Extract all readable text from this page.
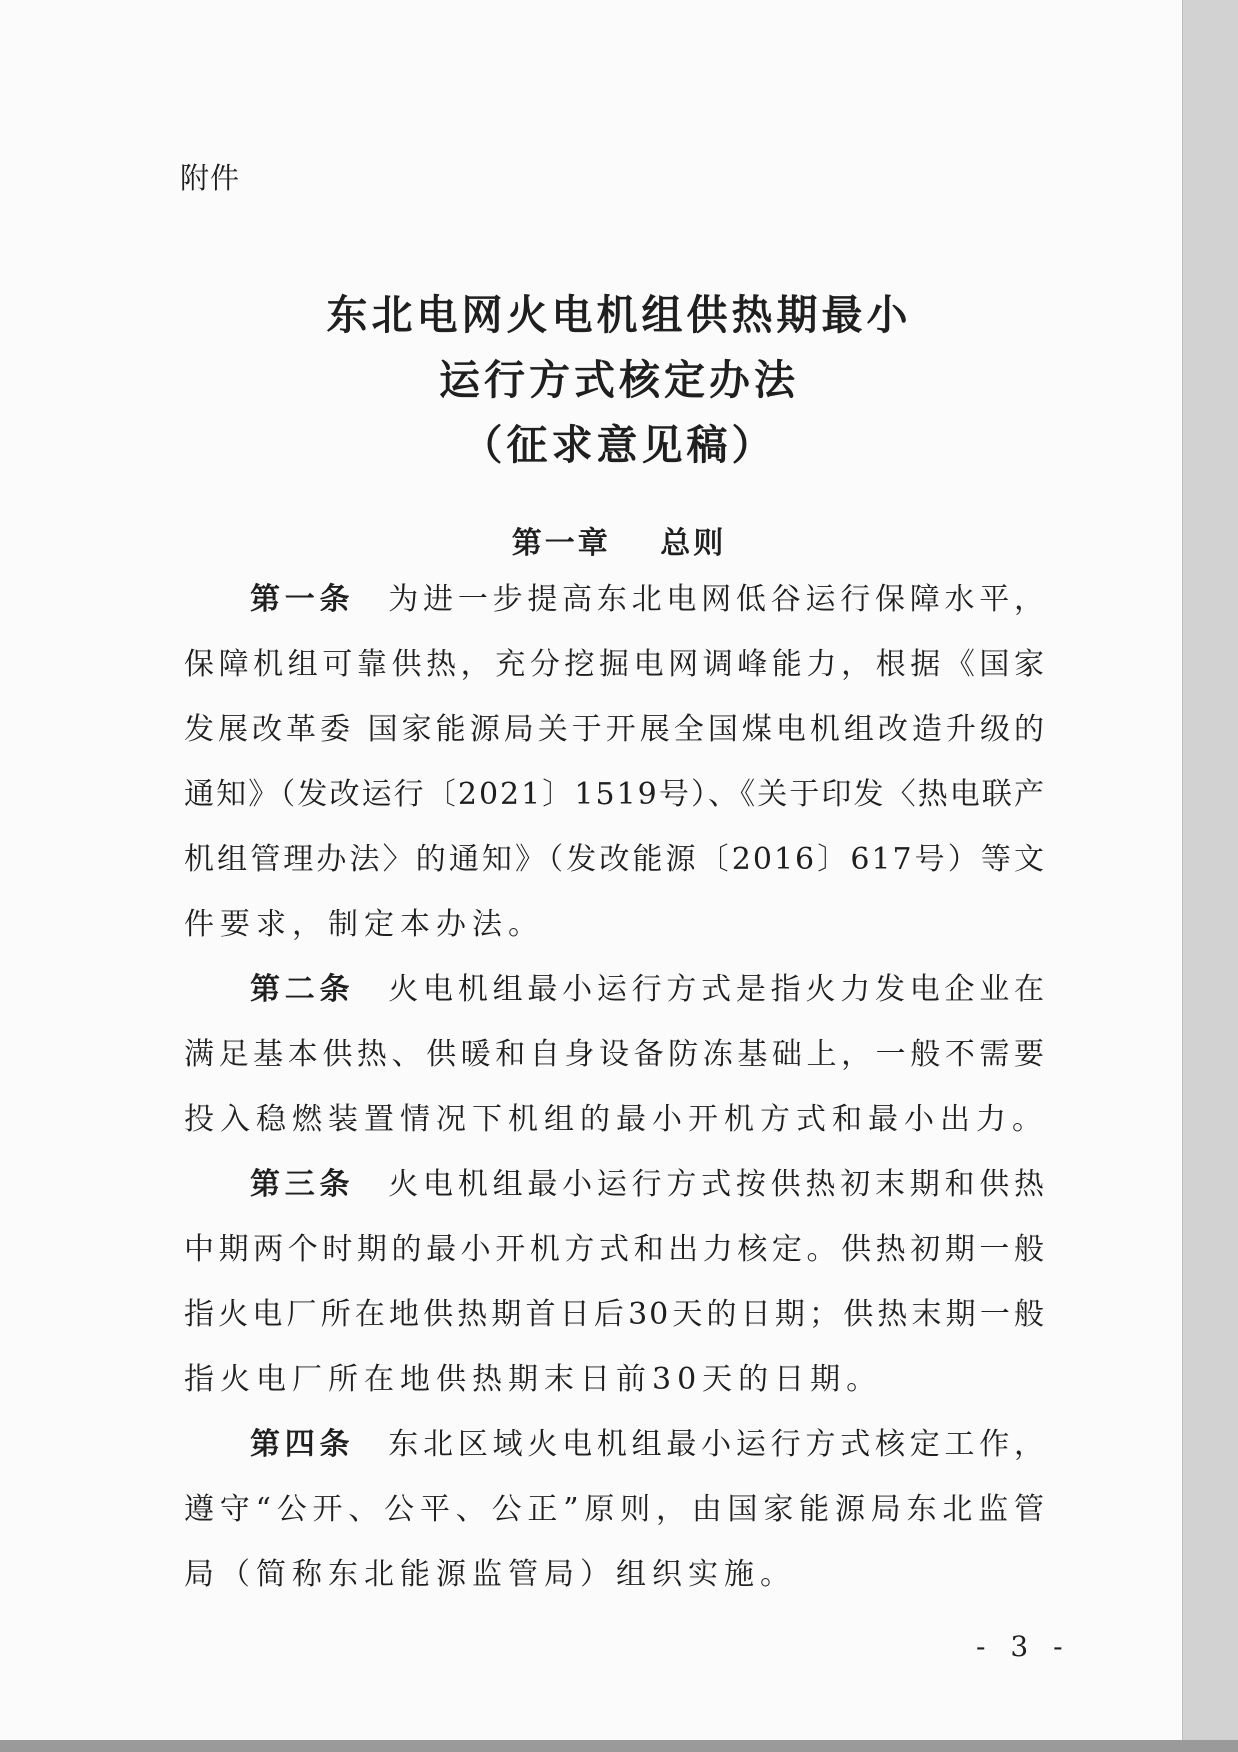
附件
东北电网火电机组供热期最小
运行方式核定办法
（征求意见稿）
第一章 总则
第一条 为进一步提高东北电网低谷运行保障水平，
保障机组可靠供热，充分挖掘电网调峰能力，根据《国家
发展改革委 国家能源局关于开展全国煤电机组改造升级的
通知》（发改运行〔2021〕1519号）、《关于印发〈热电联产
机组管理办法〉的通知》（发改能源〔2016〕617号）等文
件要求，制定本办法。
第二条 火电机组最小运行方式是指火力发电企业在
满足基本供热、供暖和自身设备防冻基础上，一般不需要
投入稳燃装置情况下机组的最小开机方式和最小出力。
第三条 火电机组最小运行方式按供热初末期和供热
中期两个时期的最小开机方式和出力核定。供热初期一般
指火电厂所在地供热期首日后30天的日期；供热末期一般
指火电厂所在地供热期末日前30天的日期。
第四条 东北区域火电机组最小运行方式核定工作，
遵守“公开、公平、公正”原则，由国家能源局东北监管
局（简称东北能源监管局）组织实施。
- 3 -
